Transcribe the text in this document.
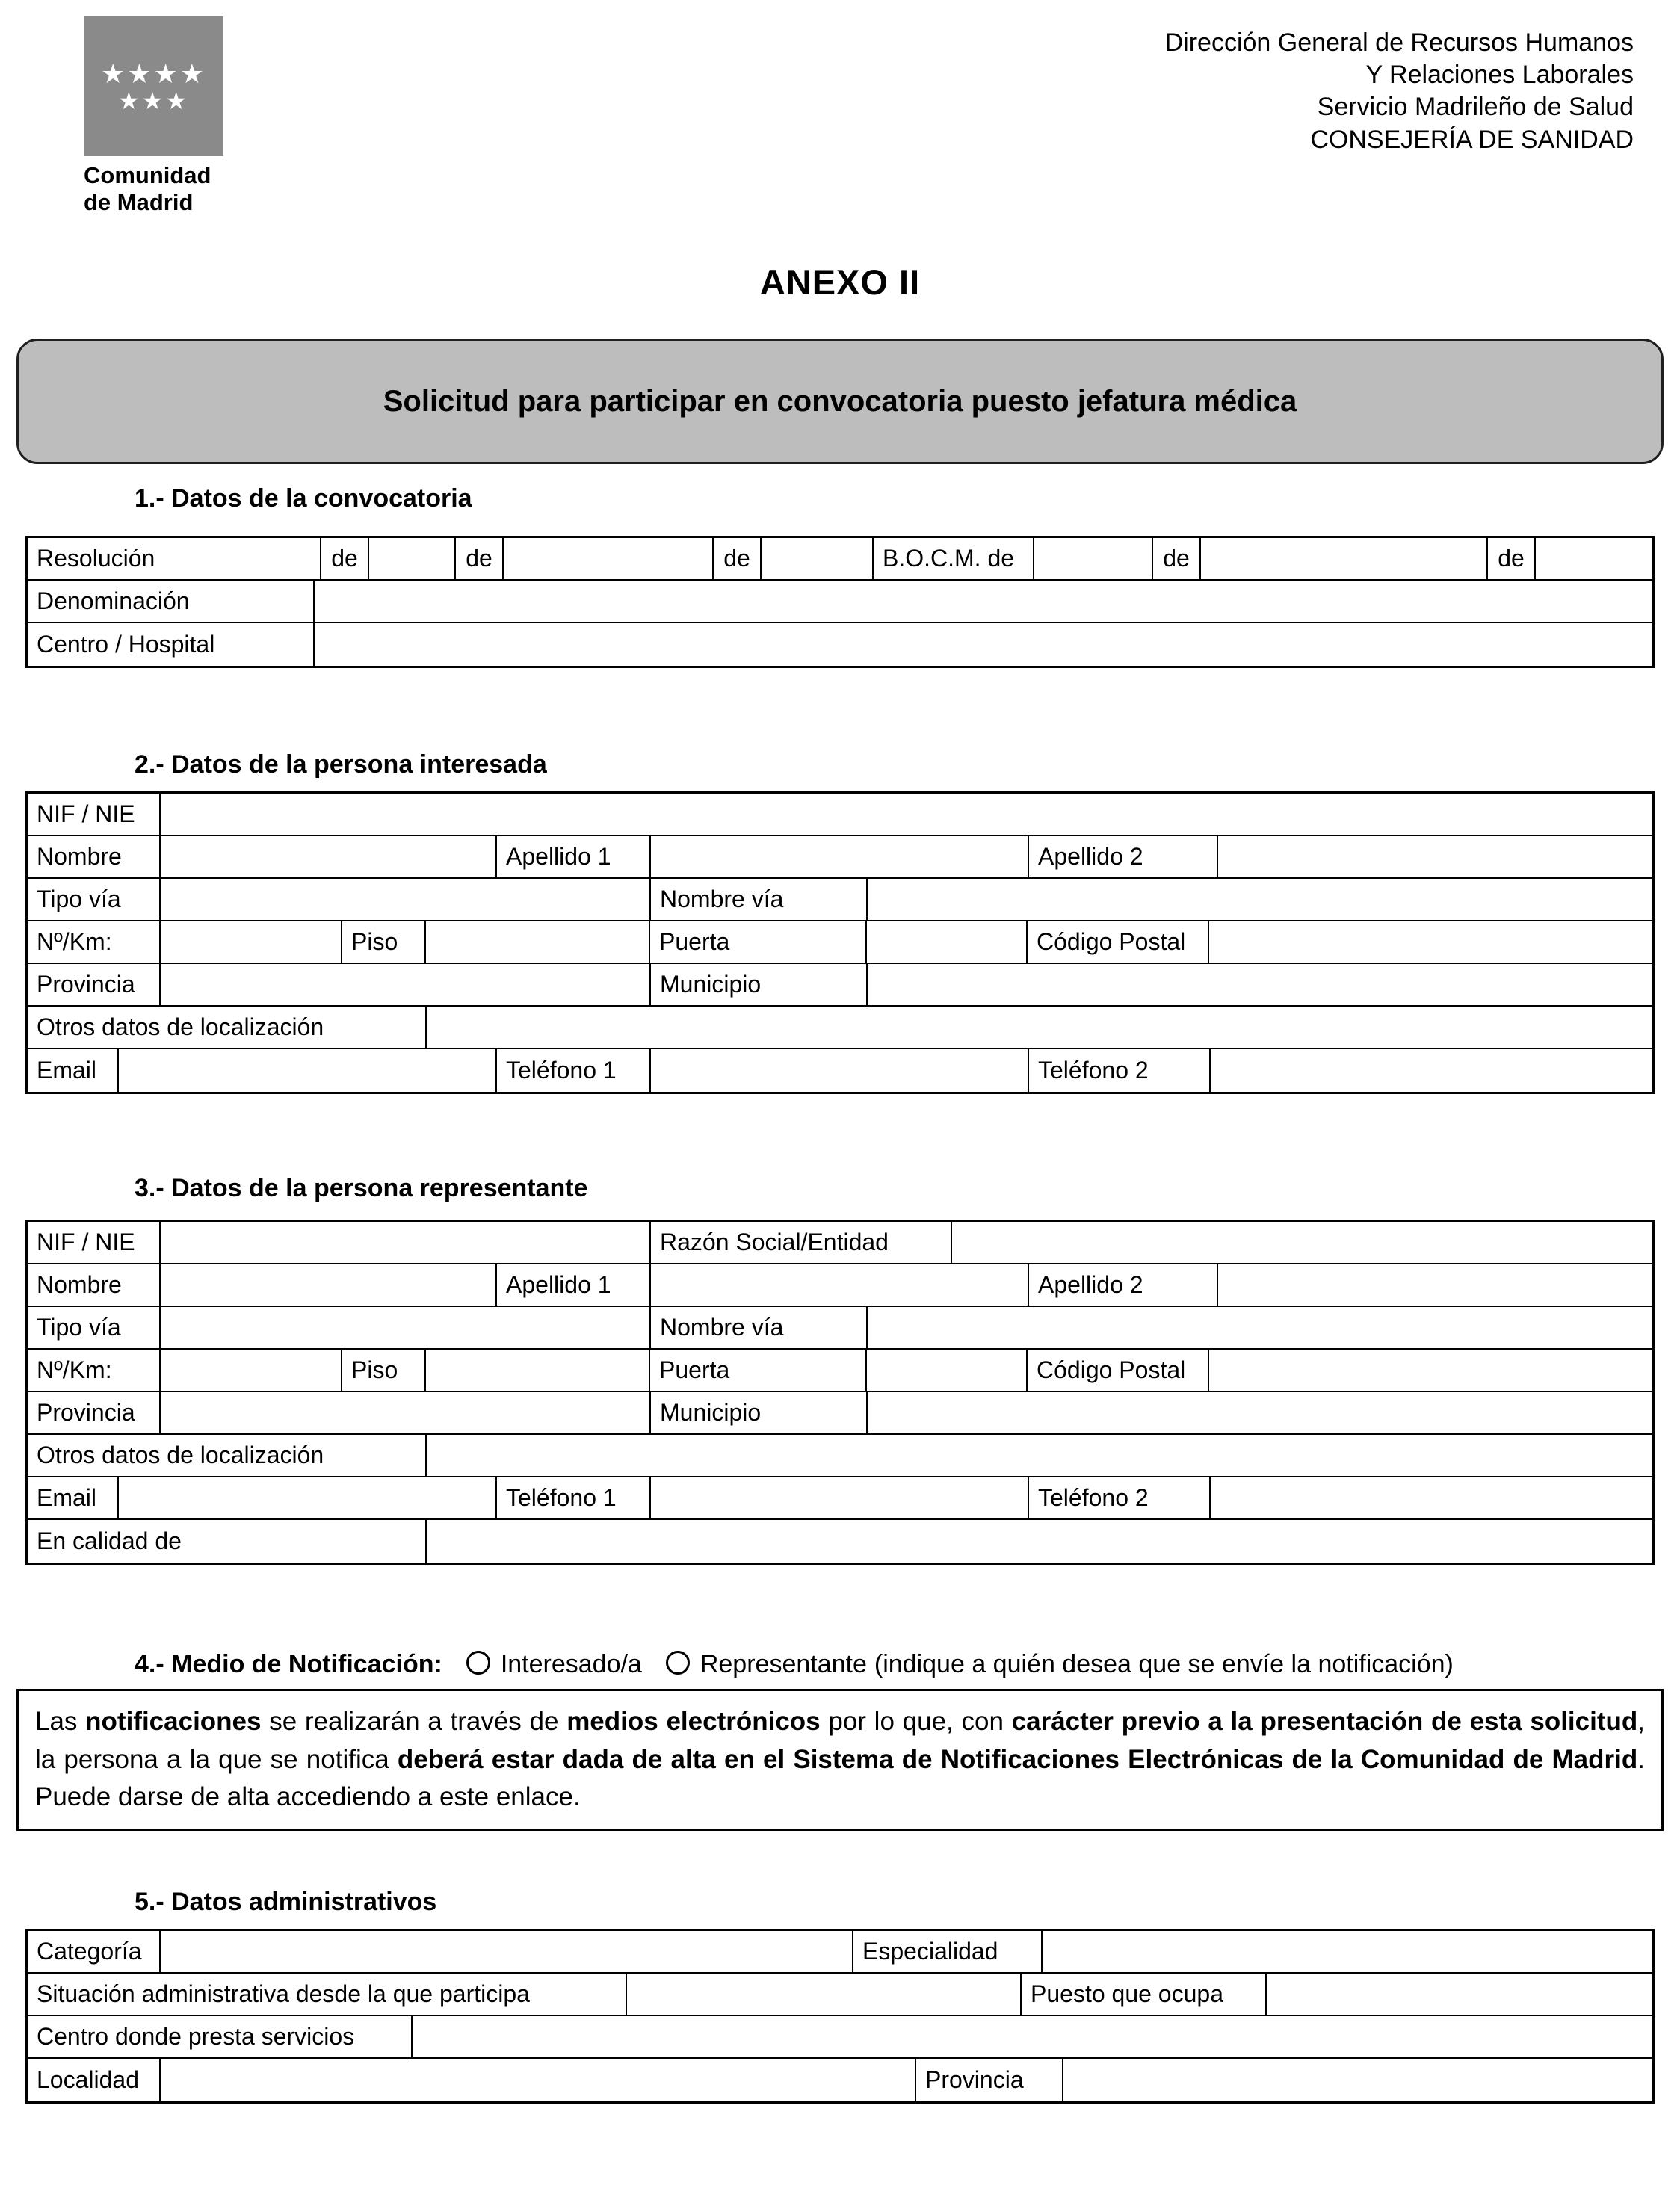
★★★★
★★★
Comunidad
de Madrid
Dirección General de Recursos Humanos
Y Relaciones Laborales
Servicio Madrileño de Salud
CONSEJERÍA DE SANIDAD
ANEXO II
Solicitud para participar en convocatoria puesto jefatura médica
1.- Datos de la convocatoria
Resolución	de	de	de	B.O.C.M. de	de	de
Denominación
Centro / Hospital
2.- Datos de la persona interesada
NIF / NIE
Nombre	Apellido 1	Apellido 2
Tipo vía	Nombre vía
Nº/Km:	Piso	Puerta	Código Postal
Provincia	Municipio
Otros datos de localización
Email	Teléfono 1	Teléfono 2
3.- Datos de la persona representante
NIF / NIE	Razón Social/Entidad
Nombre	Apellido 1	Apellido 2
Tipo vía	Nombre vía
Nº/Km:	Piso	Puerta	Código Postal
Provincia	Municipio
Otros datos de localización
Email	Teléfono 1	Teléfono 2
En calidad de
4.- Medio de Notificación: Interesado/a Representante (indique a quién desea que se envíe la notificación)
Las notificaciones se realizarán a través de medios electrónicos por lo que, con carácter previo a la presentación de esta solicitud, la persona a la que se notifica deberá estar dada de alta en el Sistema de Notificaciones Electrónicas de la Comunidad de Madrid. Puede darse de alta accediendo a este enlace.
5.- Datos administrativos
Categoría	Especialidad
Situación administrativa desde la que participa	Puesto que ocupa
Centro donde presta servicios
Localidad	Provincia
